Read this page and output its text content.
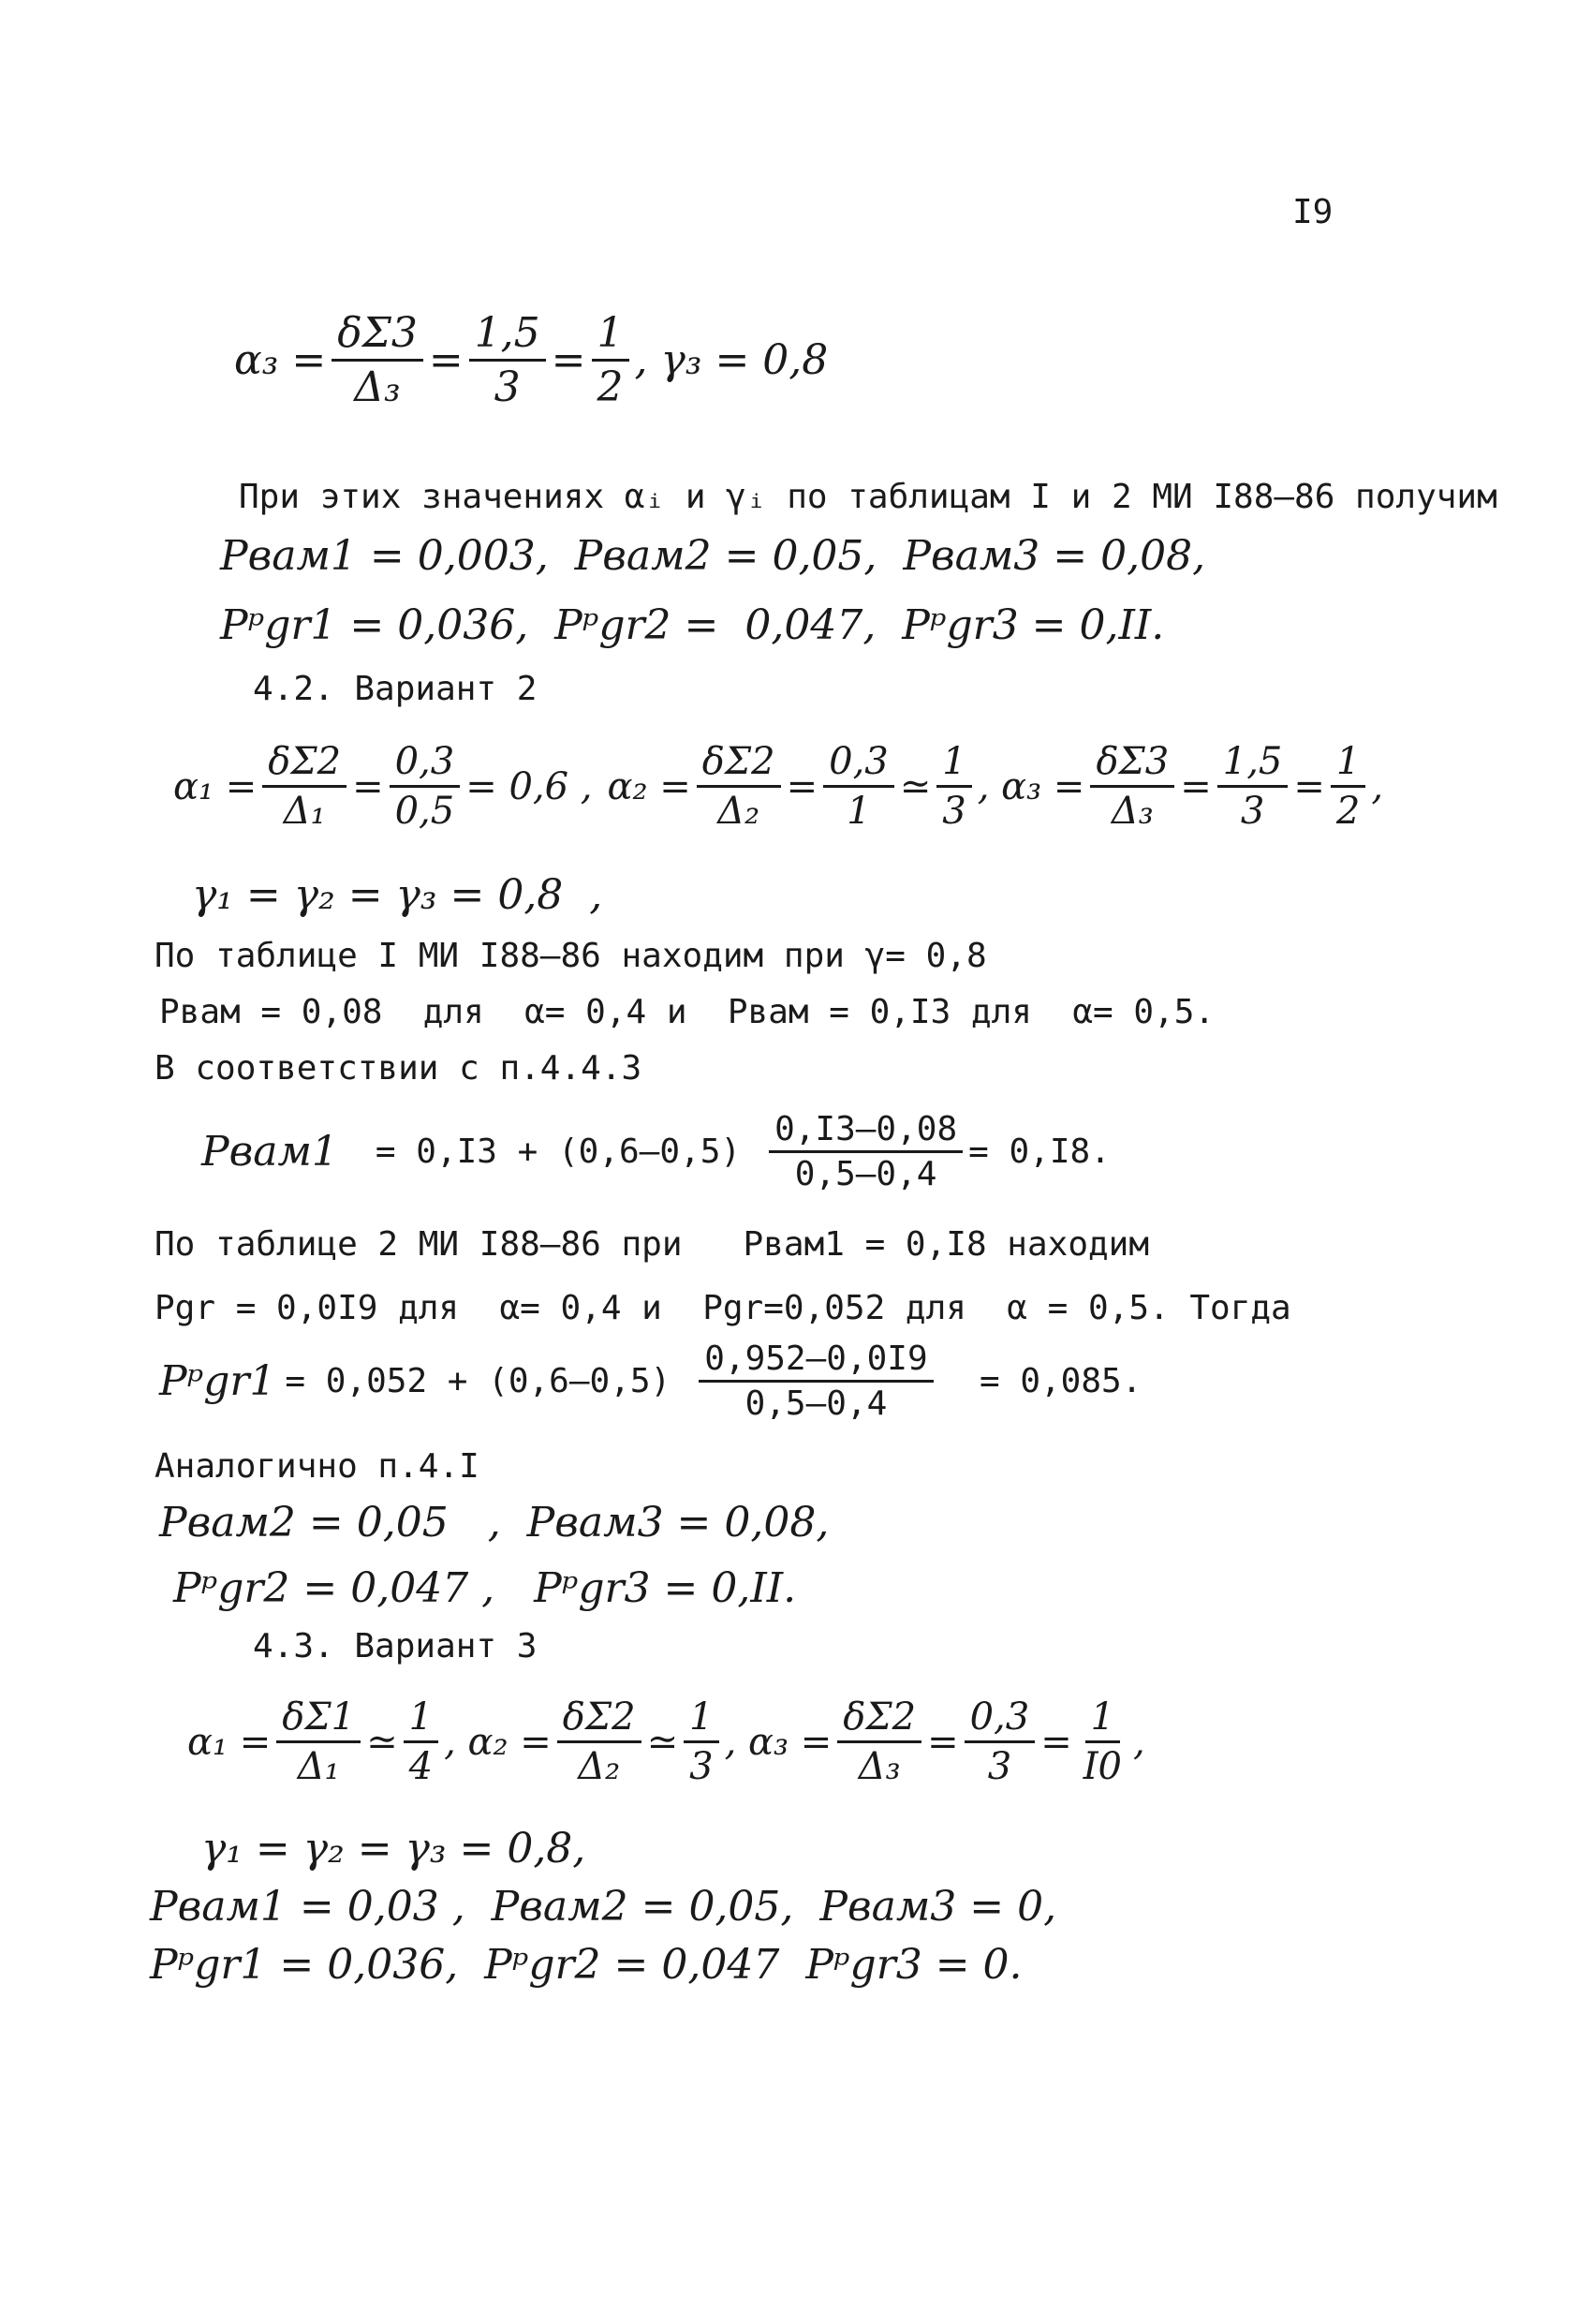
I9
$\alpha_3 = \frac{\delta\Sigma 3}{\text{Δ₃}} = \frac{1,5}{3} = \frac{1}{2}$ , γ₃ = 0,8
При этих значениях αᵢ и γᵢ по таблицам I и 2 МИ I88–86 получим
Pвам1 = 0,003,  Pвам2 = 0,05,  Pвам3 = 0,08,
Pᵖgr1 = 0,036,  Pᵖgr2 =  0,047,  Pᵖgr3 = 0,II.
4.2. Вариант 2
$\alpha_1 = \frac{\delta\Sigma 2}{\text{Δ₁}} = \frac{0,3}{0,5} = 0,6$ , $\alpha_2 = \frac{\delta\Sigma 2}{\text{Δ₂}} = \frac{0,3}{1}$ ≃ $\frac{1}{3}$ , $\alpha_3 = \frac{\delta\Sigma 3}{\text{Δ₃}} = \frac{1,5}{3} = \frac{1}{2}$ ,
γ₁ = γ₂ = γ₃ = 0,8  ,
По таблице I МИ I88–86 находим при γ= 0,8
Pвам = 0,08  для  α= 0,4 и  Pвам = 0,I3 для  α= 0,5.
В соответствии с п.4.4.3
Pвам1 = $0,I3 + (0,6-0,5) \frac{0,I3-0,08}{0,5-0,4} = 0,I8$.
По таблице 2 МИ I88–86 при   Pвам1 = 0,I8 находим
Pgr = 0,0I9 для  α= 0,4 и  Pgr=0,052 для  α = 0,5. Тогда
Pᵖgr1 = $0,052 + (0,6-0,5) \frac{0,952-0,0I9}{0,5-0,4} = 0,085$.
Аналогично п.4.I
Pвам2 = 0,05   ,  Pвам3 = 0,08,
Pᵖgr2 = 0,047 ,   Pᵖgr3 = 0,II.
4.3. Вариант 3
$\alpha_1 = \frac{\delta\Sigma 1}{\text{Δ₁}}$ ≃ $\frac{1}{4}$ , $\alpha_2 = \frac{\delta\Sigma 2}{\text{Δ₂}}$ ≃ $\frac{1}{3}$ , $\alpha_3 = \frac{\delta\Sigma 2}{\text{Δ₃}} = \frac{0,3}{3} = \frac{1}{I0}$ ,
γ₁ = γ₂ = γ₃ = 0,8,
Pвам1 = 0,03 ,  Pвам2 = 0,05,  Pвам3 = 0,
Pᵖgr1 = 0,036,  Pᵖgr2 = 0,047  Pᵖgr3 = 0.
